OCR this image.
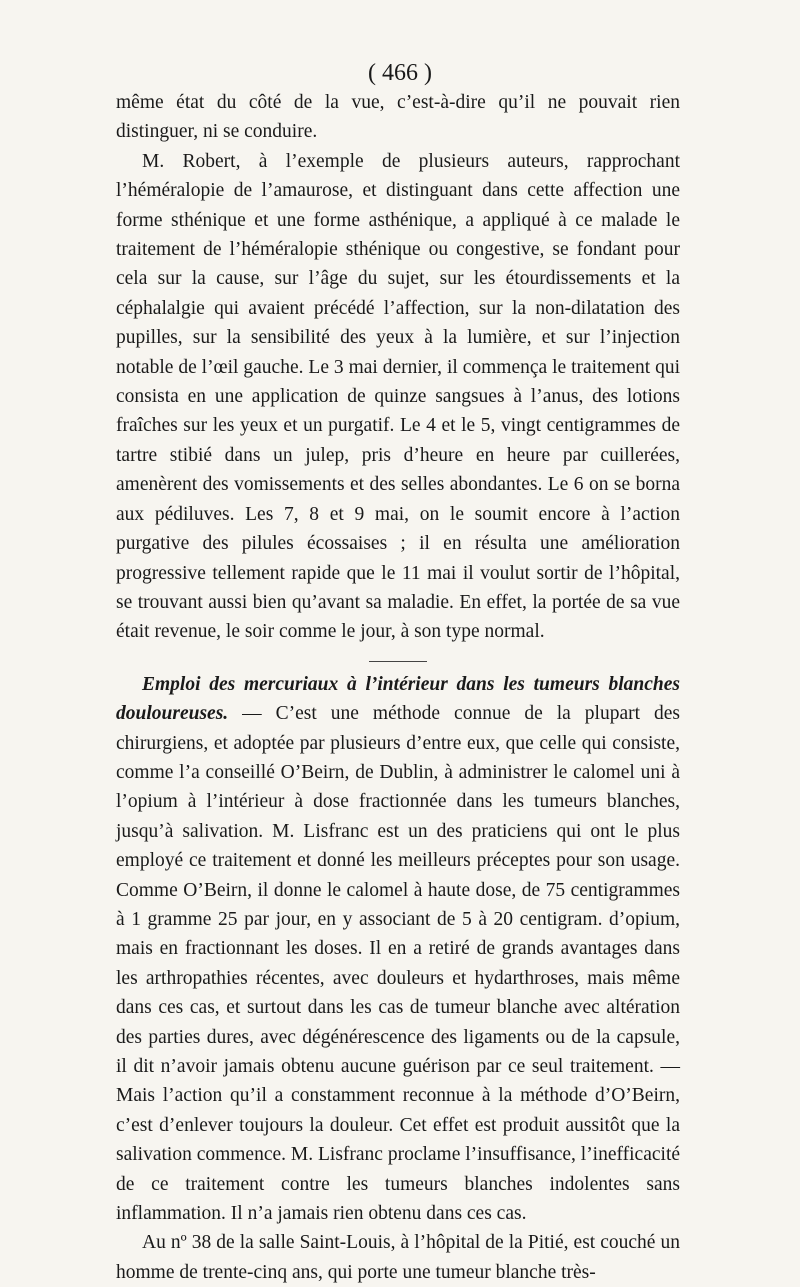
( 466 )

même état du côté de la vue, c’est-à-dire qu’il ne pouvait rien distinguer, ni se conduire.

M. Robert, à l’exemple de plusieurs auteurs, rapprochant l’héméralopie de l’amaurose, et distinguant dans cette affection une forme sthénique et une forme asthénique, a appliqué à ce malade le traitement de l’héméralopie sthénique ou congestive, se fondant pour cela sur la cause, sur l’âge du sujet, sur les étourdissements et la céphalalgie qui avaient précédé l’affection, sur la non-dilatation des pupilles, sur la sensibilité des yeux à la lumière, et sur l’injection notable de l’œil gauche. Le 3 mai dernier, il commença le traitement qui consista en une application de quinze sangsues à l’anus, des lotions fraîches sur les yeux et un purgatif. Le 4 et le 5, vingt centigrammes de tartre stibié dans un julep, pris d’heure en heure par cuillerées, amenèrent des vomissements et des selles abondantes. Le 6 on se borna aux pédiluves. Les 7, 8 et 9 mai, on le soumit encore à l’action purgative des pilules écossaises ; il en résulta une amélioration progressive tellement rapide que le 11 mai il voulut sortir de l’hôpital, se trouvant aussi bien qu’avant sa maladie. En effet, la portée de sa vue était revenue, le soir comme le jour, à son type normal.

Emploi des mercuriaux à l’intérieur dans les tumeurs blanches douloureuses. — C’est une méthode connue de la plupart des chirurgiens, et adoptée par plusieurs d’entre eux, que celle qui consiste, comme l’a conseillé O’Beirn, de Dublin, à administrer le calomel uni à l’opium à l’intérieur à dose fractionnée dans les tumeurs blanches, jusqu’à salivation. M. Lisfranc est un des praticiens qui ont le plus employé ce traitement et donné les meilleurs préceptes pour son usage. Comme O’Beirn, il donne le calomel à haute dose, de 75 centigrammes à 1 gramme 25 par jour, en y associant de 5 à 20 centigram. d’opium, mais en fractionnant les doses. Il en a retiré de grands avantages dans les arthropathies récentes, avec douleurs et hydarthroses, mais même dans ces cas, et surtout dans les cas de tumeur blanche avec altération des parties dures, avec dégénérescence des ligaments ou de la capsule, il dit n’avoir jamais obtenu aucune guérison par ce seul traitement. — Mais l’action qu’il a constamment reconnue à la méthode d’O’Beirn, c’est d’enlever toujours la douleur. Cet effet est produit aussitôt que la salivation commence. M. Lisfranc proclame l’insuffisance, l’inefficacité de ce traitement contre les tumeurs blanches indolentes sans inflammation. Il n’a jamais rien obtenu dans ces cas.

Au nº 38 de la salle Saint-Louis, à l’hôpital de la Pitié, est couché un homme de trente-cinq ans, qui porte une tumeur blanche très-
